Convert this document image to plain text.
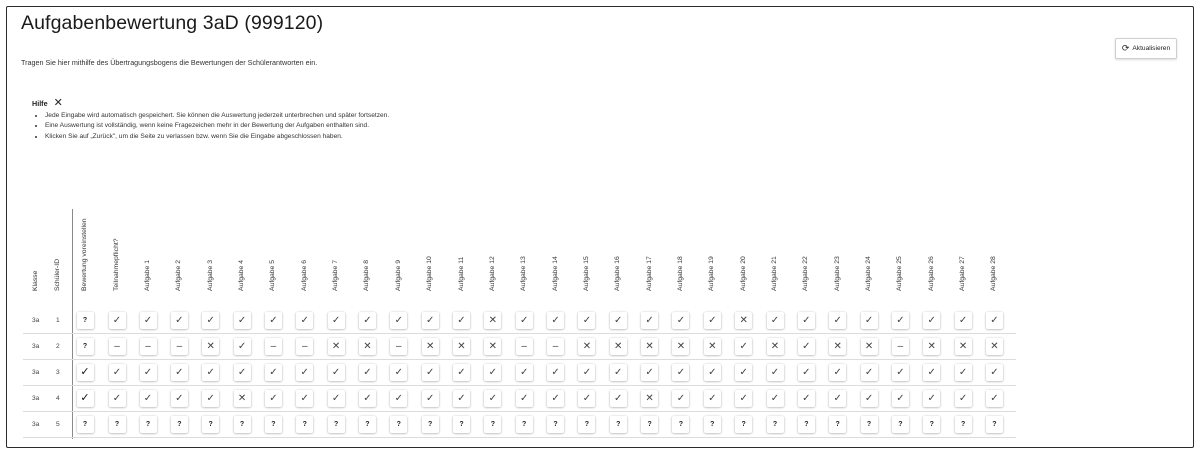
Aufgabenbewertung 3aD (999120)
Tragen Sie hier mithilfe des Übertragungsbogens die Bewertungen der Schülerantworten ein.
⟳ Aktualisieren
Hilfe ✕
• Jede Eingabe wird automatisch gespeichert. Sie können die Auswertung jederzeit unterbrechen und später fortsetzen.
• Eine Auswertung ist vollständig, wenn keine Fragezeichen mehr in der Bewertung der Aufgaben enthalten sind.
• Klicken Sie auf „Zurück", um die Seite zu verlassen bzw. wenn Sie die Eingabe abgeschlossen haben.
Klasse Schüler-ID	Bewertung voreinstellen	Teilnahmepflicht?	Aufgabe 1	Aufgabe 2	Aufgabe 3	Aufgabe 4	Aufgabe 5	Aufgabe 6	Aufgabe 7	Aufgabe 8	Aufgabe 9	Aufgabe 10	Aufgabe 11	Aufgabe 12	Aufgabe 13	Aufgabe 14	Aufgabe 15	Aufgabe 16	Aufgabe 17	Aufgabe 18	Aufgabe 19	Aufgabe 20	Aufgabe 21	Aufgabe 22	Aufgabe 23	Aufgabe 24	Aufgabe 25	Aufgabe 26	Aufgabe 27	Aufgabe 28
3a	1	?	✓	✓	✓	✓	✓	✓	✓	✓	✓	✓	✓	✓	✕	✓	✓	✓	✓	✓	✓	✓	✕	✓	✓	✓	✓	✓	✓	✓	✓
3a	2	?	–	–	–	✕	✓	–	–	✕	✕	–	✕	✕	✕	–	–	✕	✕	✕	✕	✕	✓	✕	✓	✕	✕	–	✕	✕	✕
3a	3	✓	✓	✓	✓	✓	✓	✓	✓	✓	✓	✓	✓	✓	✓	✓	✓	✓	✓	✓	✓	✓	✓	✓	✓	✓	✓	✓	✓	✓	✓
3a	4	✓	✓	✓	✓	✓	✕	✓	✓	✓	✓	✓	✓	✓	✓	✓	✓	✓	✓	✕	✓	✓	✓	✓	✓	✓	✓	✓	✓	✓	✓
3a	5	?	?	?	?	?	?	?	?	?	?	?	?	?	?	?	?	?	?	?	?	?	?	?	?	?	?	?	?	?	?
